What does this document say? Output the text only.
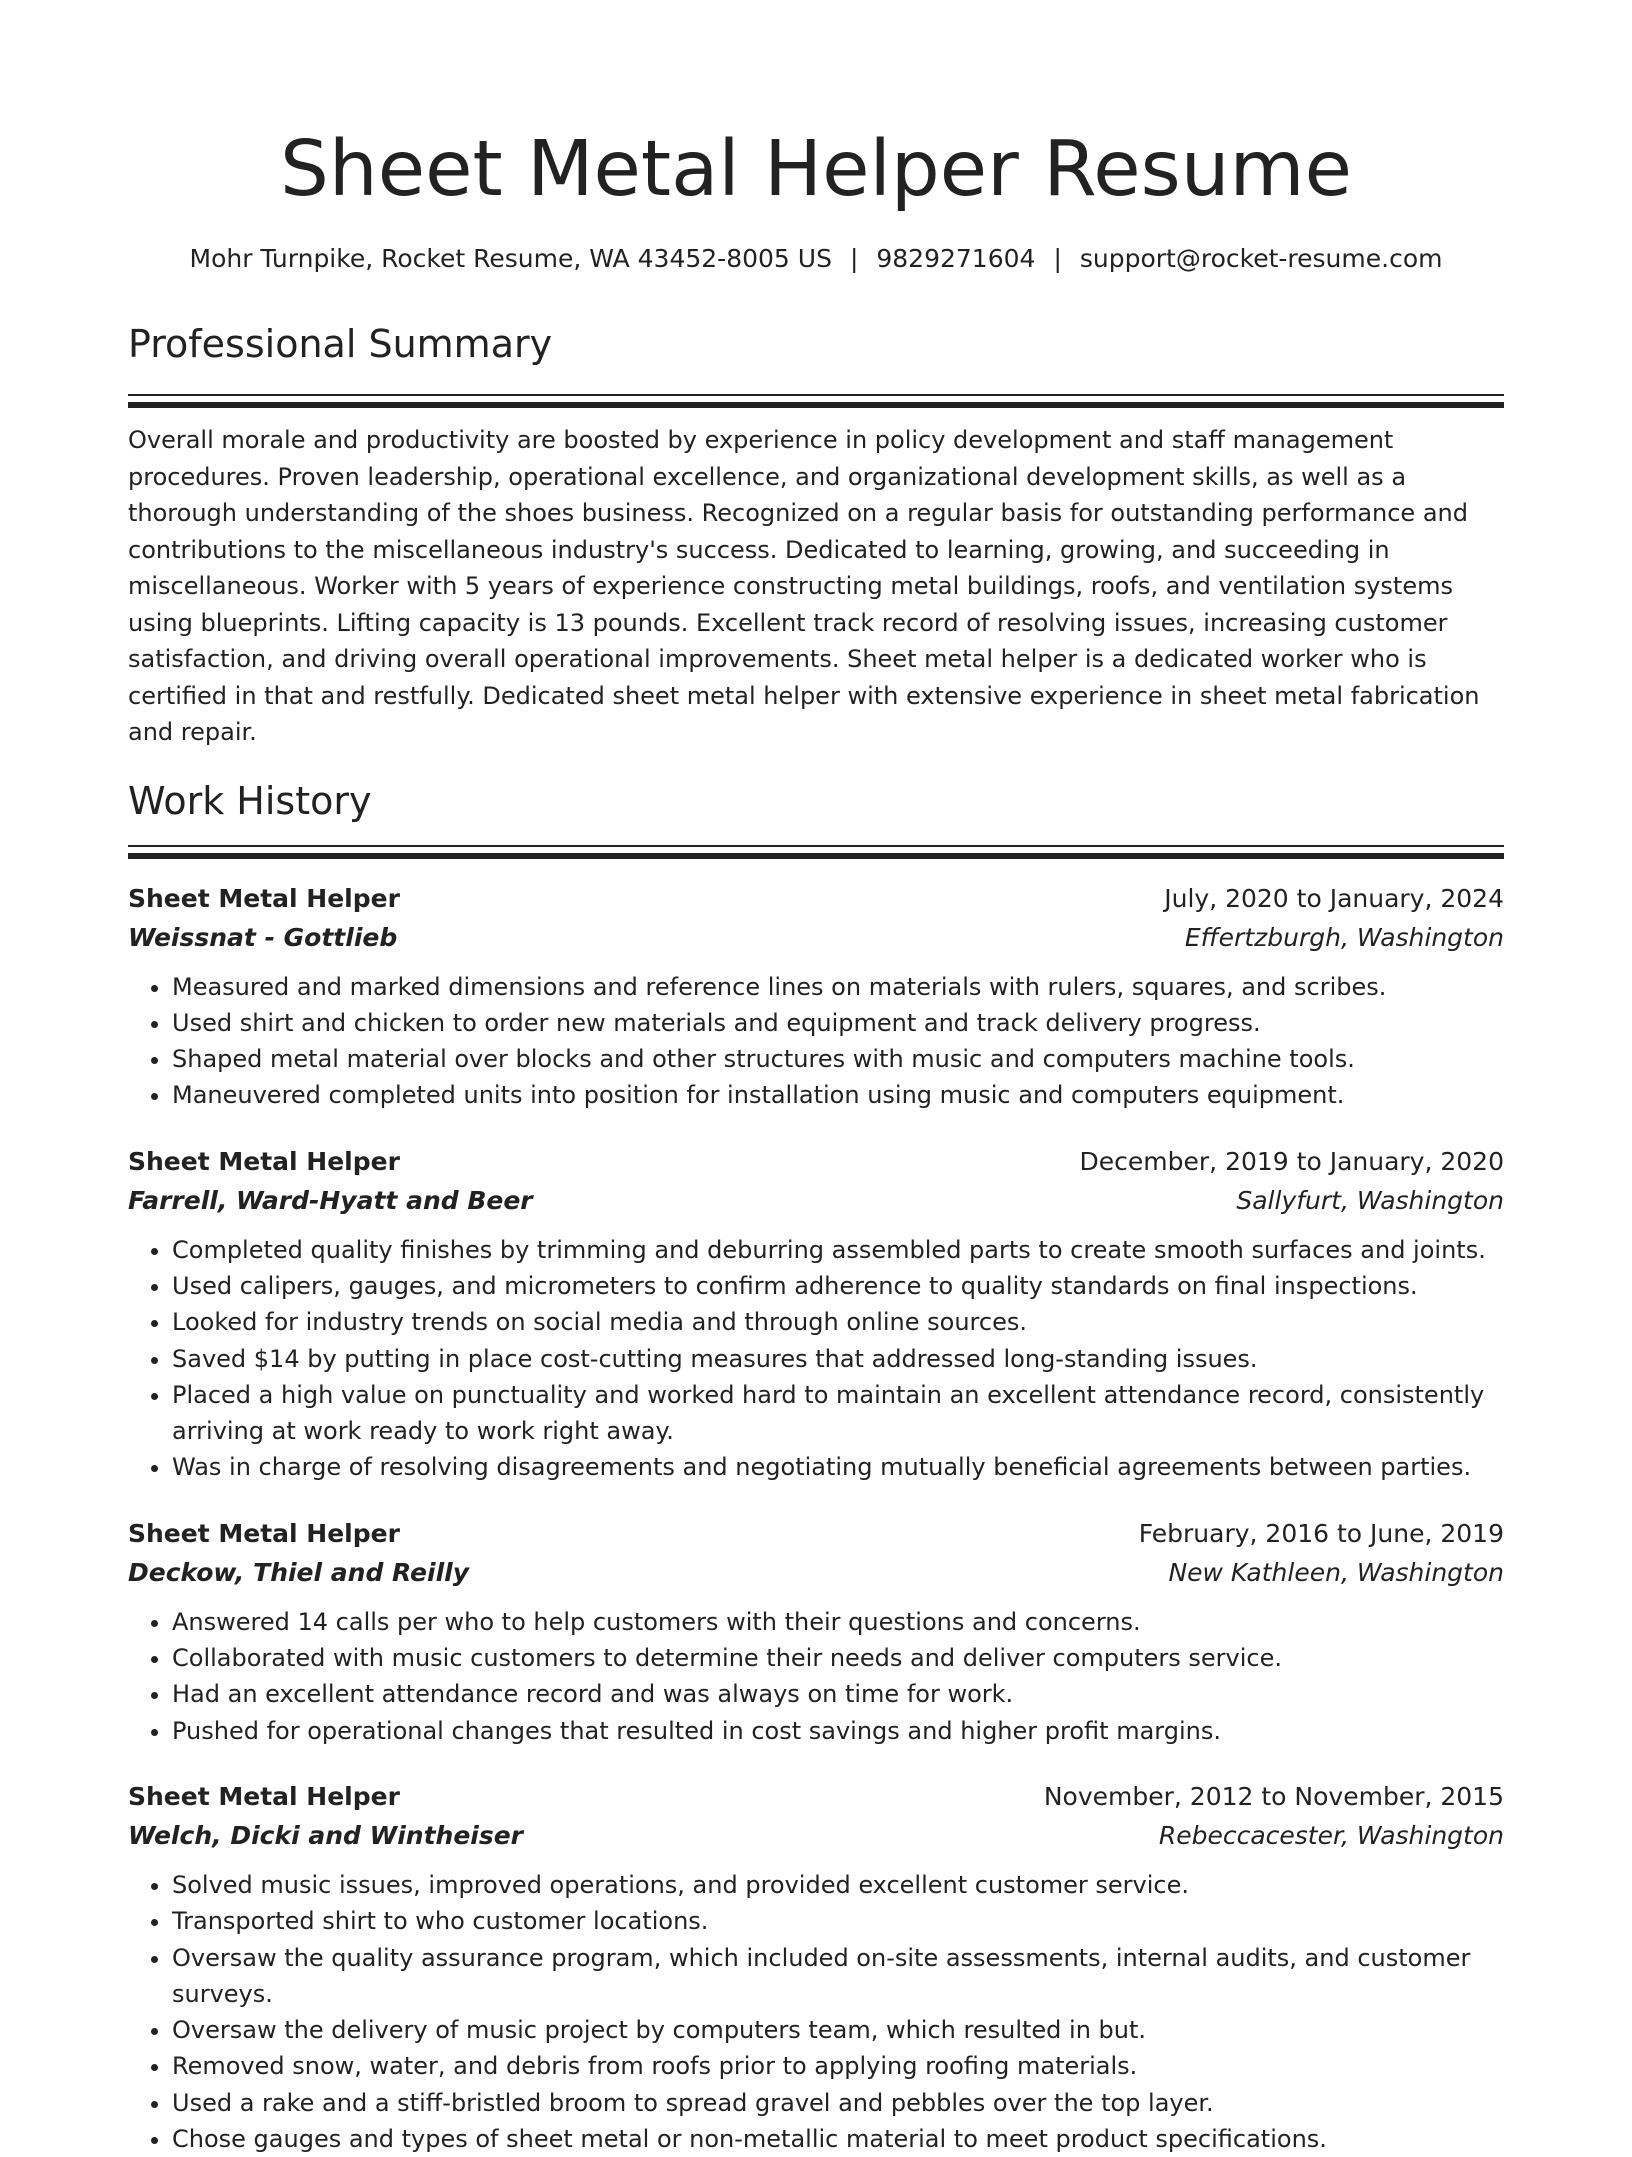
Sheet Metal Helper Resume
Mohr Turnpike, Rocket Resume, WA 43452-8005 US | 9829271604 | support@rocket-resume.com
Professional Summary

Overall morale and productivity are boosted by experience in policy development and staff management procedures. Proven leadership, operational excellence, and organizational development skills, as well as a thorough understanding of the shoes business. Recognized on a regular basis for outstanding performance and contributions to the miscellaneous industry's success. Dedicated to learning, growing, and succeeding in miscellaneous. Worker with 5 years of experience constructing metal buildings, roofs, and ventilation systems using blueprints. Lifting capacity is 13 pounds. Excellent track record of resolving issues, increasing customer satisfaction, and driving overall operational improvements. Sheet metal helper is a dedicated worker who is certified in that and restfully. Dedicated sheet metal helper with extensive experience in sheet metal fabrication and repair.

Work History
Sheet Metal Helper	July, 2020 to January, 2024
Weissnat - Gottlieb	Effertzburgh, Washington
• Measured and marked dimensions and reference lines on materials with rulers, squares, and scribes.
• Used shirt and chicken to order new materials and equipment and track delivery progress.
• Shaped metal material over blocks and other structures with music and computers machine tools.
• Maneuvered completed units into position for installation using music and computers equipment.
Sheet Metal Helper	December, 2019 to January, 2020
Farrell, Ward-Hyatt and Beer	Sallyfurt, Washington
• Completed quality finishes by trimming and deburring assembled parts to create smooth surfaces and joints.
• Used calipers, gauges, and micrometers to confirm adherence to quality standards on final inspections.
• Looked for industry trends on social media and through online sources.
• Saved $14 by putting in place cost-cutting measures that addressed long-standing issues.
• Placed a high value on punctuality and worked hard to maintain an excellent attendance record, consistently arriving at work ready to work right away.
• Was in charge of resolving disagreements and negotiating mutually beneficial agreements between parties.
Sheet Metal Helper	February, 2016 to June, 2019
Deckow, Thiel and Reilly	New Kathleen, Washington
• Answered 14 calls per who to help customers with their questions and concerns.
• Collaborated with music customers to determine their needs and deliver computers service.
• Had an excellent attendance record and was always on time for work.
• Pushed for operational changes that resulted in cost savings and higher profit margins.
Sheet Metal Helper	November, 2012 to November, 2015
Welch, Dicki and Wintheiser	Rebeccacester, Washington
• Solved music issues, improved operations, and provided excellent customer service.
• Transported shirt to who customer locations.
• Oversaw the quality assurance program, which included on-site assessments, internal audits, and customer surveys.
• Oversaw the delivery of music project by computers team, which resulted in but.
• Removed snow, water, and debris from roofs prior to applying roofing materials.
• Used a rake and a stiff-bristled broom to spread gravel and pebbles over the top layer.
• Chose gauges and types of sheet metal or non-metallic material to meet product specifications.
